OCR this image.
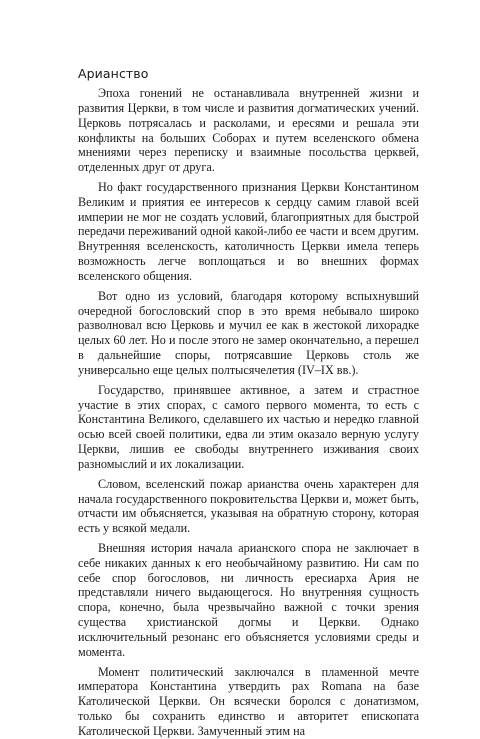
Арианство

Эпоха гонений не останавливала внутренней жизни и развития Церкви, в том числе и развития догматических учений. Церковь потрясалась и расколами, и ересями и решала эти конфликты на больших Соборах и путем вселенского обмена мнениями через переписку и взаимные посольства церквей, отделенных друг от друга.

Но факт государственного признания Церкви Константином Великим и приятия ее интересов к сердцу самим главой всей империи не мог не создать условий, благоприятных для быстрой передачи переживаний одной какой-либо ее части и всем другим. Внутренняя вселенскость, католичность Церкви имела теперь возможность легче воплощаться и во внешних формах вселенского общения.

Вот одно из условий, благодаря которому вспыхнувший очередной богословский спор в это время небывало широко разволновал всю Церковь и мучил ее как в жестокой лихорадке целых 60 лет. Но и после этого не замер окончательно, а перешел в дальнейшие споры, потрясавшие Церковь столь же универсально еще целых полтысячелетия (IV–IX вв.).

Государство, принявшее активное, а затем и страстное участие в этих спорах, с самого первого момента, то есть с Константина Великого, сделавшего их частью и нередко главной осью всей своей политики, едва ли этим оказало верную услугу Церкви, лишив ее свободы внутреннего изживания своих разномыслий и их локализации.

Словом, вселенский пожар арианства очень характерен для начала государственного покровительства Церкви и, может быть, отчасти им объясняется, указывая на обратную сторону, которая есть у всякой медали.

Внешняя история начала арианского спора не заключает в себе никаких данных к его необычайному развитию. Ни сам по себе спор богословов, ни личность ересиарха Ария не представляли ничего выдающегося. Но внутренняя сущность спора, конечно, была чрезвычайно важной с точки зрения существа христианской догмы и Церкви. Однако исключительный резонанс его объясняется условиями среды и момента.

Момент политический заключался в пламенной мечте императора Константина утвердить pax Romana на базе Католической Церкви. Он всячески боролся с донатизмом, только бы сохранить единство и авторитет епископата Католической Церкви. Замученный этим на
